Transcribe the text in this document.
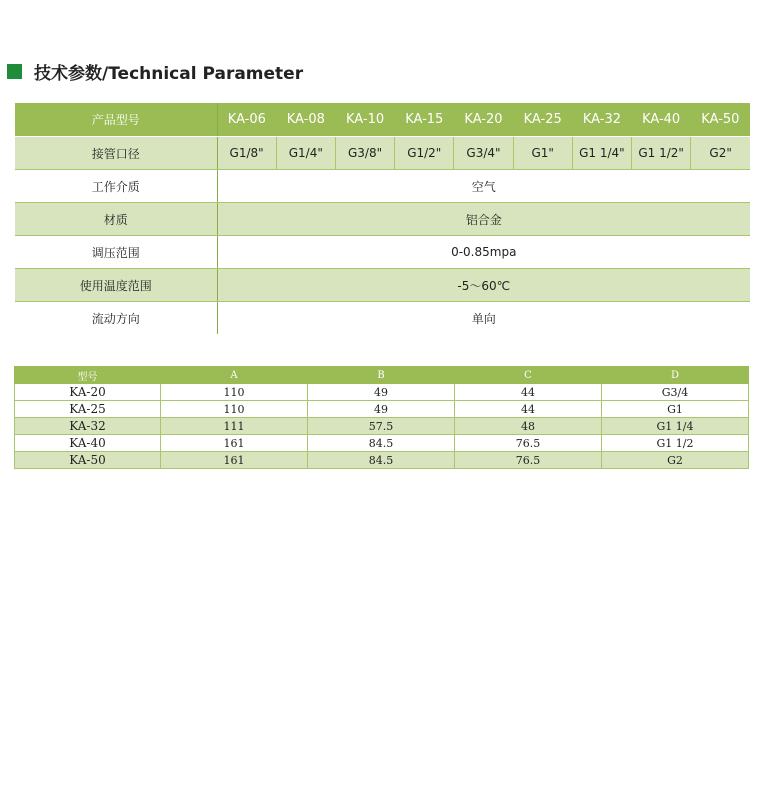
技术参数/Technical Parameter
产品型号	KA-06	KA-08	KA-10	KA-15	KA-20	KA-25	KA-32	KA-40	KA-50
接管口径	G1/8"	G1/4"	G3/8"	G1/2"	G3/4"	G1"	G1 1/4"	G1 1/2"	G2"
工作介质	空气								
材质	铝合金								
调压范围	0-0.85mpa								
使用温度范围	-5～60℃								
流动方向	单向								
型号	A	B	C	D
KA-20	110	49	44	G3/4
KA-25	110	49	44	G1
KA-32	111	57.5	48	G1 1/4
KA-40	161	84.5	76.5	G1 1/2
KA-50	161	84.5	76.5	G2
